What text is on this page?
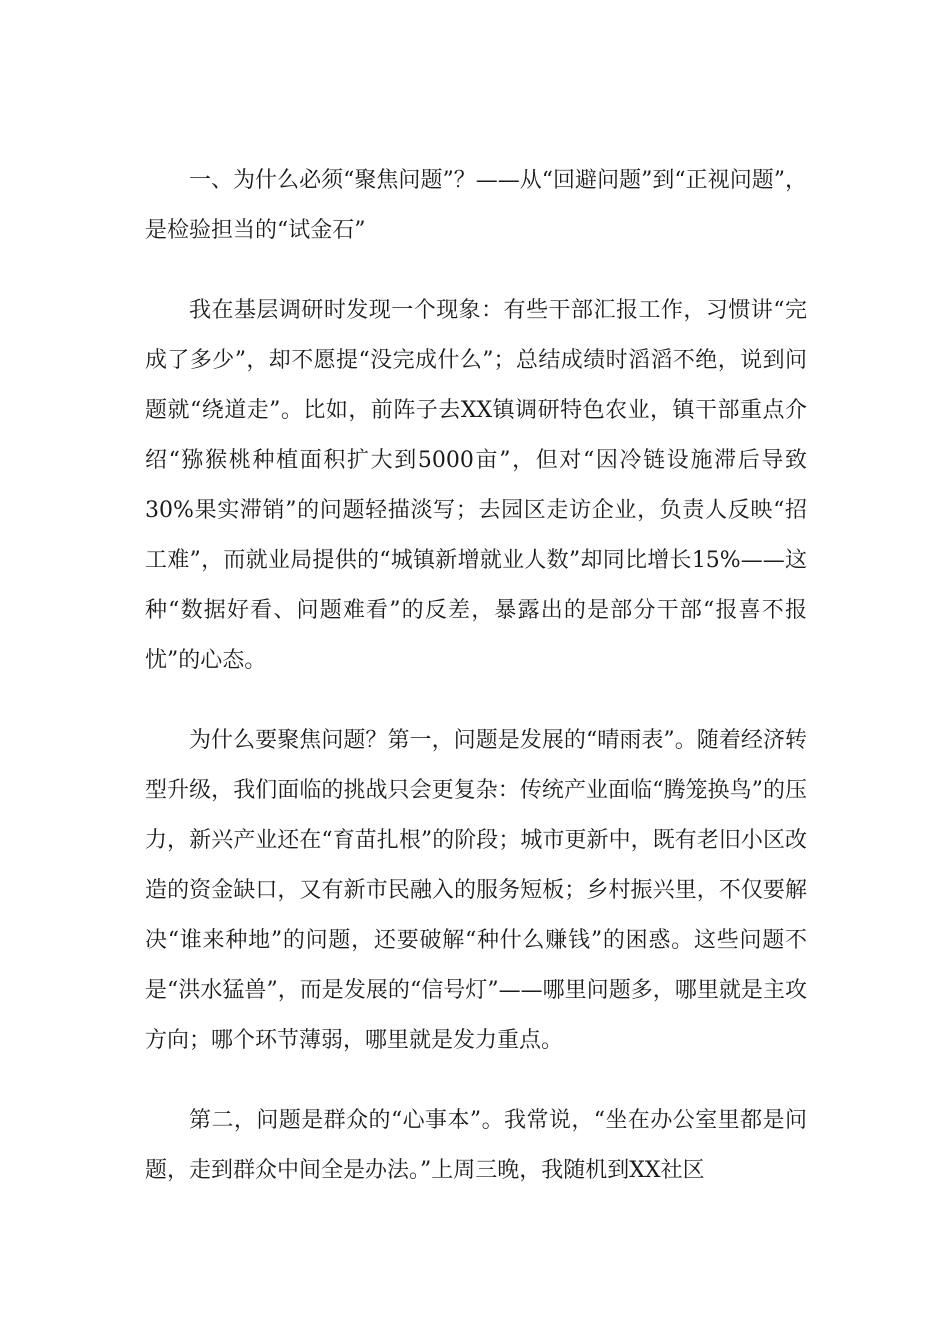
一、为什么必须“聚焦问题”？——从“回避问题”到“正视问题”，是检验担当的“试金石”

我在基层调研时发现一个现象：有些干部汇报工作，习惯讲“完成了多少”，却不愿提“没完成什么”；总结成绩时滔滔不绝，说到问题就“绕道走”。比如，前阵子去XX镇调研特色农业，镇干部重点介绍“猕猴桃种植面积扩大到5000亩”，但对“因冷链设施滞后导致30%果实滞销”的问题轻描淡写；去园区走访企业，负责人反映“招工难”，而就业局提供的“城镇新增就业人数”却同比增长15%——这种“数据好看、问题难看”的反差，暴露出的是部分干部“报喜不报忧”的心态。

为什么要聚焦问题？第一，问题是发展的“晴雨表”。随着经济转型升级，我们面临的挑战只会更复杂：传统产业面临“腾笼换鸟”的压力，新兴产业还在“育苗扎根”的阶段；城市更新中，既有老旧小区改造的资金缺口，又有新市民融入的服务短板；乡村振兴里，不仅要解决“谁来种地”的问题，还要破解“种什么赚钱”的困惑。这些问题不是“洪水猛兽”，而是发展的“信号灯”——哪里问题多，哪里就是主攻方向；哪个环节薄弱，哪里就是发力重点。

第二，问题是群众的“心事本”。我常说，“坐在办公室里都是问题，走到群众中间全是办法。”上周三晚，我随机到XX社区
